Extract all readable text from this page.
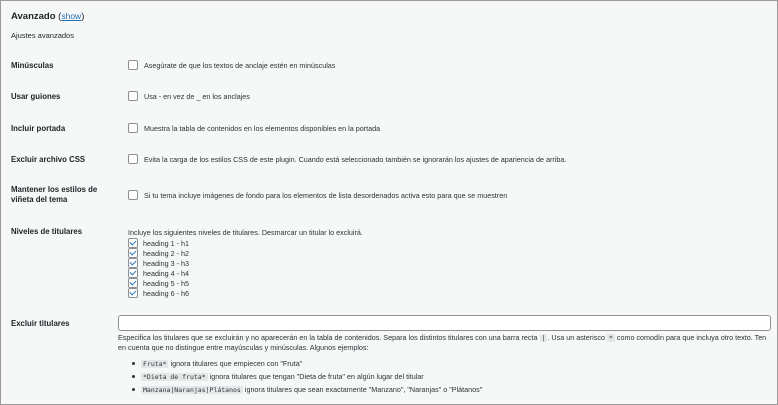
Avanzado (show)
Ajustes avanzados
Minúsculas	Asegúrate de que los textos de anclaje estén en minúsculas
Usar guiones	Usa - en vez de _ en los anclajes
Incluir portada	Muestra la tabla de contenidos en los elementos disponibles en la portada
Excluir archivo CSS	Evita la carga de los estilos CSS de este plugin. Cuando está seleccionado también se ignorarán los ajustes de apariencia de arriba.
Mantener los estilos de
viñeta del tema	Si tu tema incluye imágenes de fondo para los elementos de lista desordenados activa esto para que se muestren
Niveles de titulares	Incluye los siguientes niveles de titulares. Desmarcar un titular lo excluirá.
heading 1 - h1
heading 2 - h2
heading 3 - h3
heading 4 - h4
heading 5 - h5
heading 6 - h6
Excluir titulares
Especifica los titulares que se excluirán y no aparecerán en la tabla de contenidos. Separa los distintos titulares con una barra recta | . Usa un asterisco * como comodín para que incluya otro texto. Ten en cuenta que no distingue entre mayúsculas y minúsculas. Algunos ejemplos:
Fruta* ignora titulares que empiecen con "Fruta"
*Dieta de fruta* ignora titulares que tengan "Dieta de fruta" en algún lugar del titular
Manzana|Naranjas|Plátanos ignora titulares que sean exactamente "Manzano", "Naranjas" o "Plátanos"
